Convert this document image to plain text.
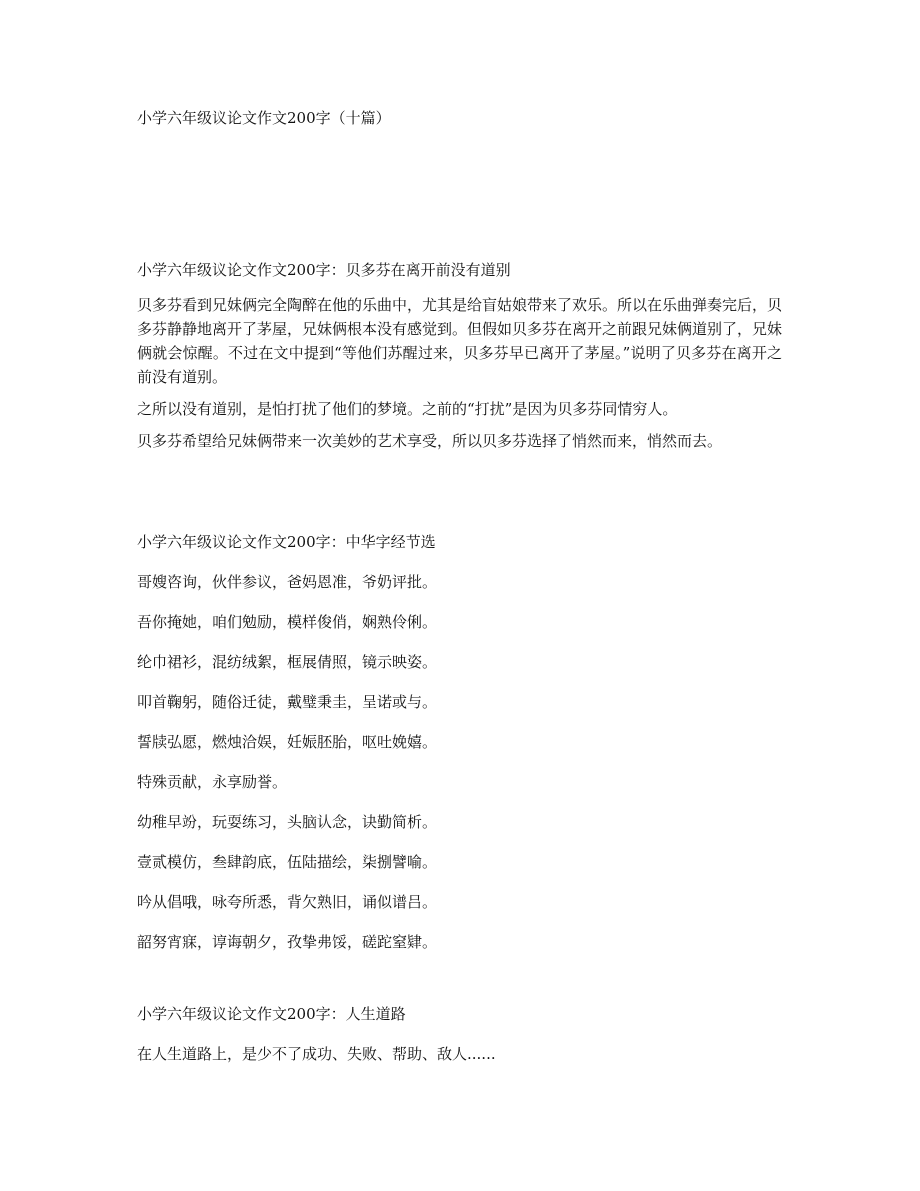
小学六年级议论文作文200字（十篇）

小学六年级议论文作文200字：贝多芬在离开前没有道别

贝多芬看到兄妹俩完全陶醉在他的乐曲中，尤其是给盲姑娘带来了欢乐。所以在乐曲弹奏完后，贝多芬静静地离开了茅屋，兄妹俩根本没有感觉到。但假如贝多芬在离开之前跟兄妹俩道别了，兄妹俩就会惊醒。不过在文中提到“等他们苏醒过来，贝多芬早已离开了茅屋。”说明了贝多芬在离开之前没有道别。

之所以没有道别，是怕打扰了他们的梦境。之前的“打扰”是因为贝多芬同情穷人。

贝多芬希望给兄妹俩带来一次美妙的艺术享受，所以贝多芬选择了悄然而来，悄然而去。

小学六年级议论文作文200字：中华字经节选

哥嫂咨询，伙伴参议，爸妈恩准，爷奶评批。

吾你掩她，咱们勉励，模样俊俏，娴熟伶俐。

纶巾裙衫，混纺绒絮，框展倩照，镜示映姿。

叩首鞠躬，随俗迁徒，戴璧秉圭，呈诺或与。

誓牍弘愿，燃烛洽娱，妊娠胚胎，呕吐娩嬉。

特殊贡献，永享励誉。

幼稚早竕，玩耍练习，头脑认念，诀勤简析。

壹贰模仿，叁肆韵底，伍陆描绘，柒捌譬喻。

吟从倡哦，咏夸所悉，背欠熟旧，诵似谱吕。

韶努宵寐，谆诲朝夕，孜挚弗馁，磋跎窒肄。

小学六年级议论文作文200字：人生道路

在人生道路上，是少不了成功、失败、帮助、敌人......
